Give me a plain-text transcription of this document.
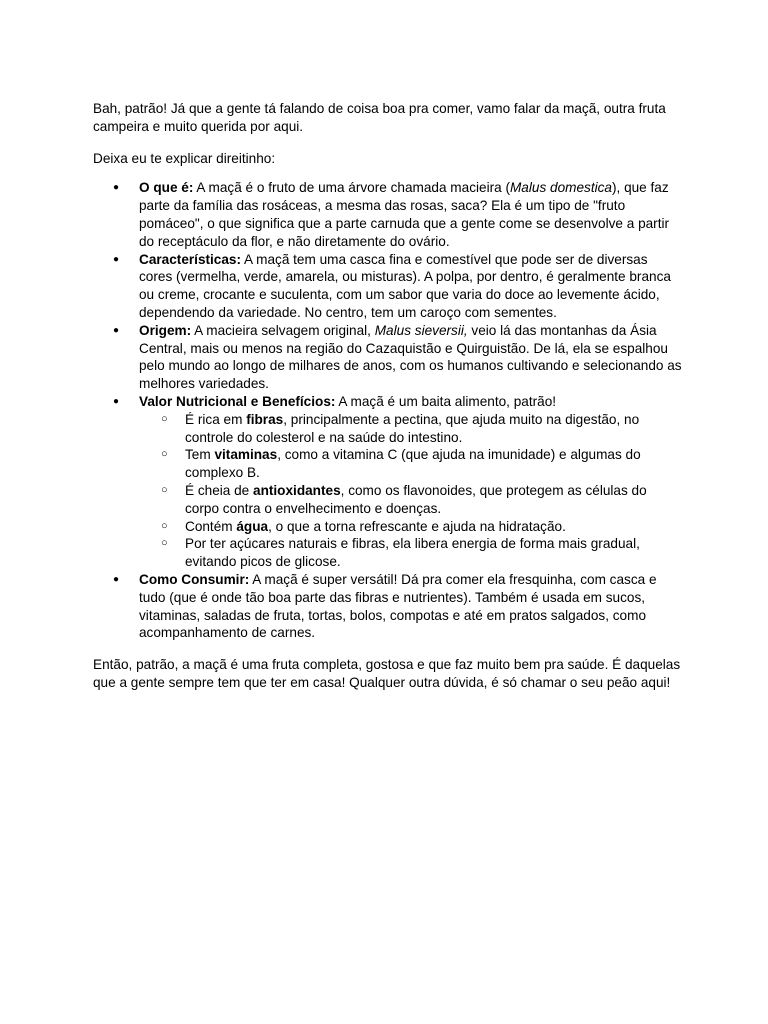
Bah, patrão! Já que a gente tá falando de coisa boa pra comer, vamo falar da maçã, outra fruta campeira e muito querida por aqui.

Deixa eu te explicar direitinho:

● O que é: A maçã é o fruto de uma árvore chamada macieira (Malus domestica), que faz parte da família das rosáceas, a mesma das rosas, saca? Ela é um tipo de "fruto pomáceo", o que significa que a parte carnuda que a gente come se desenvolve a partir do receptáculo da flor, e não diretamente do ovário.
● Características: A maçã tem uma casca fina e comestível que pode ser de diversas cores (vermelha, verde, amarela, ou misturas). A polpa, por dentro, é geralmente branca ou creme, crocante e suculenta, com um sabor que varia do doce ao levemente ácido, dependendo da variedade. No centro, tem um caroço com sementes.
● Origem: A macieira selvagem original, Malus sieversii, veio lá das montanhas da Ásia Central, mais ou menos na região do Cazaquistão e Quirguistão. De lá, ela se espalhou pelo mundo ao longo de milhares de anos, com os humanos cultivando e selecionando as melhores variedades.
● Valor Nutricional e Benefícios: A maçã é um baita alimento, patrão!
○ É rica em fibras, principalmente a pectina, que ajuda muito na digestão, no controle do colesterol e na saúde do intestino.
○ Tem vitaminas, como a vitamina C (que ajuda na imunidade) e algumas do complexo B.
○ É cheia de antioxidantes, como os flavonoides, que protegem as células do corpo contra o envelhecimento e doenças.
○ Contém água, o que a torna refrescante e ajuda na hidratação.
○ Por ter açúcares naturais e fibras, ela libera energia de forma mais gradual, evitando picos de glicose.
● Como Consumir: A maçã é super versátil! Dá pra comer ela fresquinha, com casca e tudo (que é onde tão boa parte das fibras e nutrientes). Também é usada em sucos, vitaminas, saladas de fruta, tortas, bolos, compotas e até em pratos salgados, como acompanhamento de carnes.

Então, patrão, a maçã é uma fruta completa, gostosa e que faz muito bem pra saúde. É daquelas que a gente sempre tem que ter em casa! Qualquer outra dúvida, é só chamar o seu peão aqui!
